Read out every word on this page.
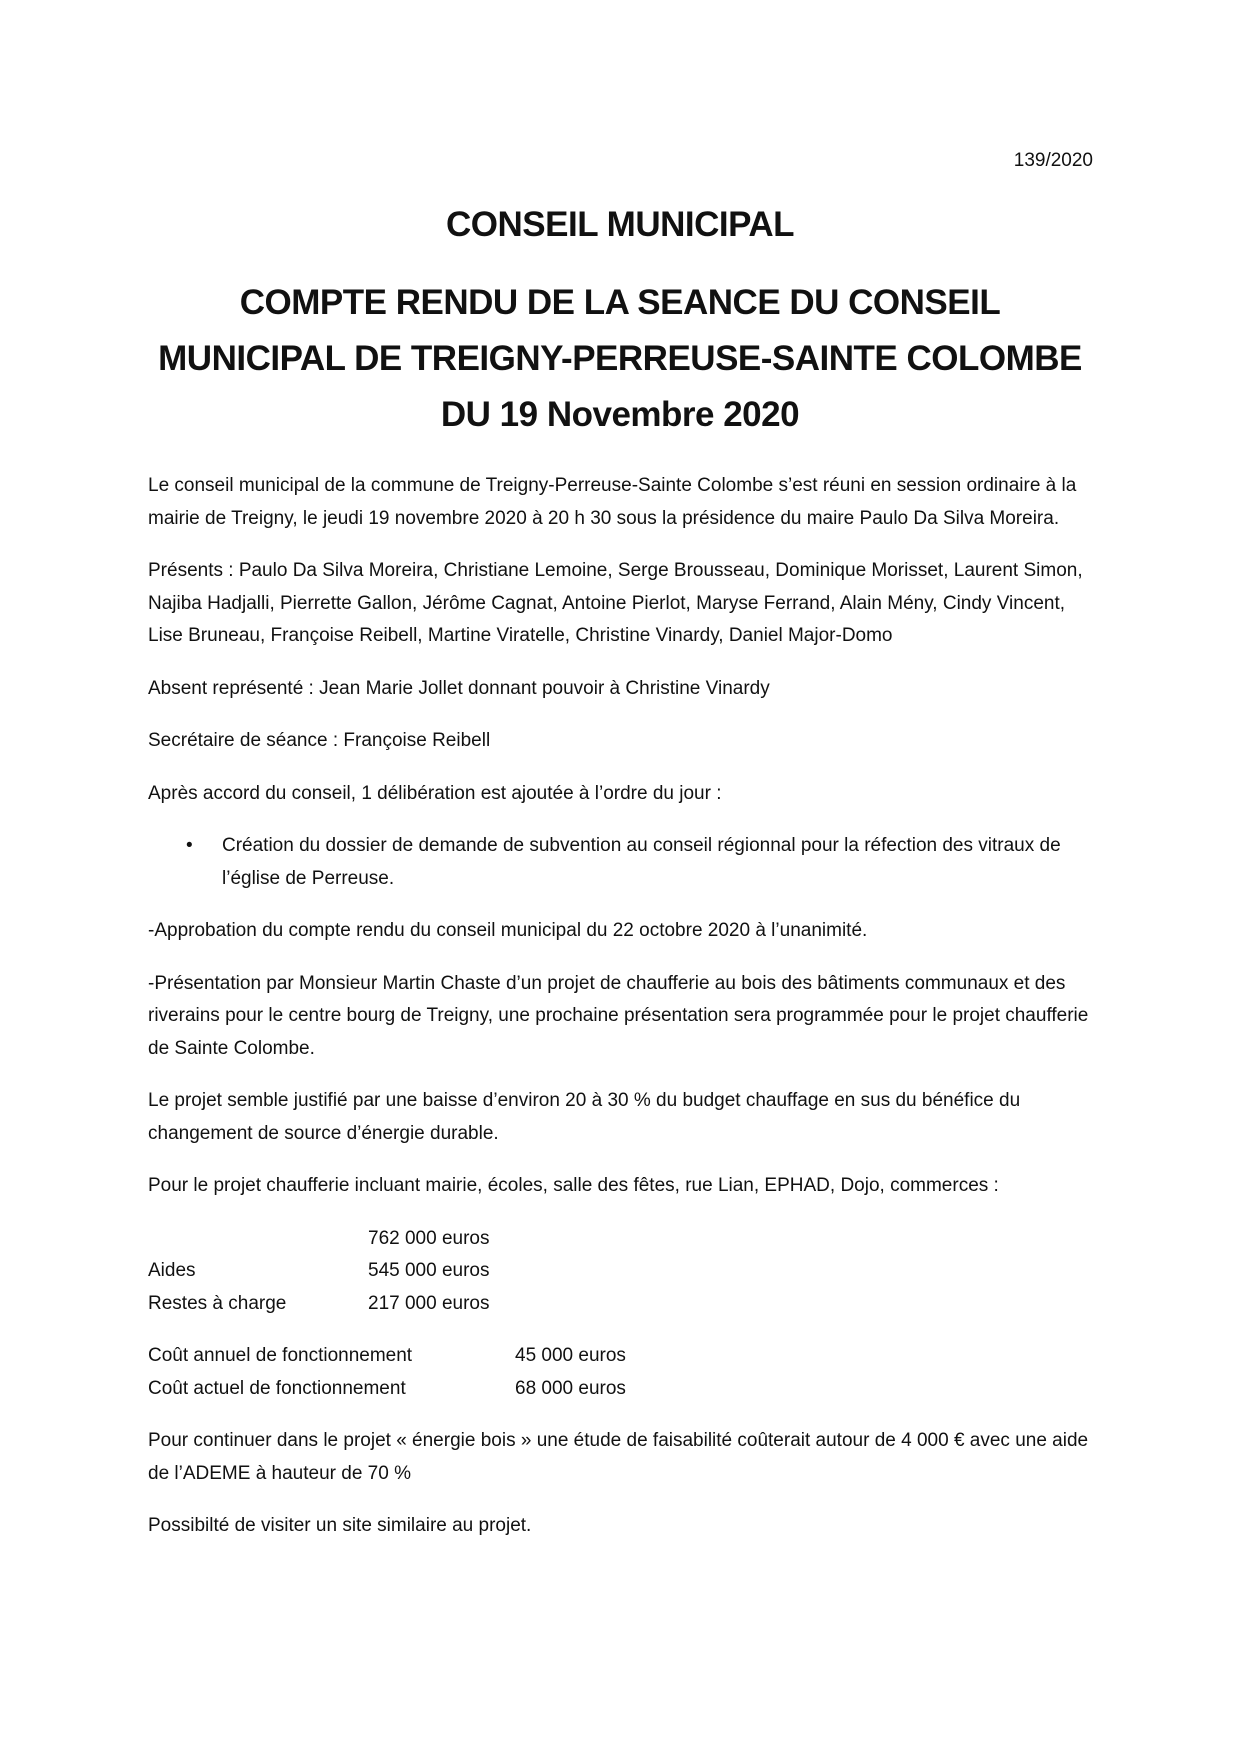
139/2020
CONSEIL MUNICIPAL
COMPTE RENDU DE LA SEANCE DU CONSEIL
MUNICIPAL DE TREIGNY-PERREUSE-SAINTE COLOMBE
DU 19 Novembre 2020

Le conseil municipal de la commune de Treigny-Perreuse-Sainte Colombe s’est réuni en session ordinaire à la mairie de Treigny, le jeudi 19 novembre 2020 à 20 h 30 sous la présidence du maire Paulo Da Silva Moreira.

Présents : Paulo Da Silva Moreira, Christiane Lemoine, Serge Brousseau, Dominique Morisset, Laurent Simon, Najiba Hadjalli, Pierrette Gallon, Jérôme Cagnat, Antoine Pierlot, Maryse Ferrand, Alain Mény, Cindy Vincent, Lise Bruneau, Françoise Reibell, Martine Viratelle, Christine Vinardy, Daniel Major-Domo

Absent représenté : Jean Marie Jollet donnant pouvoir à Christine Vinardy

Secrétaire de séance : Françoise Reibell

Après accord du conseil, 1 délibération est ajoutée à l’ordre du jour :

• Création du dossier de demande de subvention au conseil régionnal pour la réfection des vitraux de l’église de Perreuse.

-Approbation du compte rendu du conseil municipal du 22 octobre 2020 à l’unanimité.

-Présentation par Monsieur Martin Chaste d’un projet de chaufferie au bois des bâtiments communaux et des riverains pour le centre bourg de Treigny, une prochaine présentation sera programmée pour le projet chaufferie de Sainte Colombe.

Le projet semble justifié par une baisse d’environ 20 à 30 % du budget chauffage en sus du bénéfice du changement de source d’énergie durable.

Pour le projet chaufferie incluant mairie, écoles, salle des fêtes, rue Lian, EPHAD, Dojo, commerces :

	762 000 euros
Aides	545 000 euros
Restes à charge	217 000 euros
Coût annuel de fonctionnement	45 000 euros
Coût actuel de fonctionnement	68 000 euros

Pour continuer dans le projet « énergie bois » une étude de faisabilité coûterait autour de 4 000 € avec une aide de l’ADEME à hauteur de 70 %

Possibilté de visiter un site similaire au projet.
